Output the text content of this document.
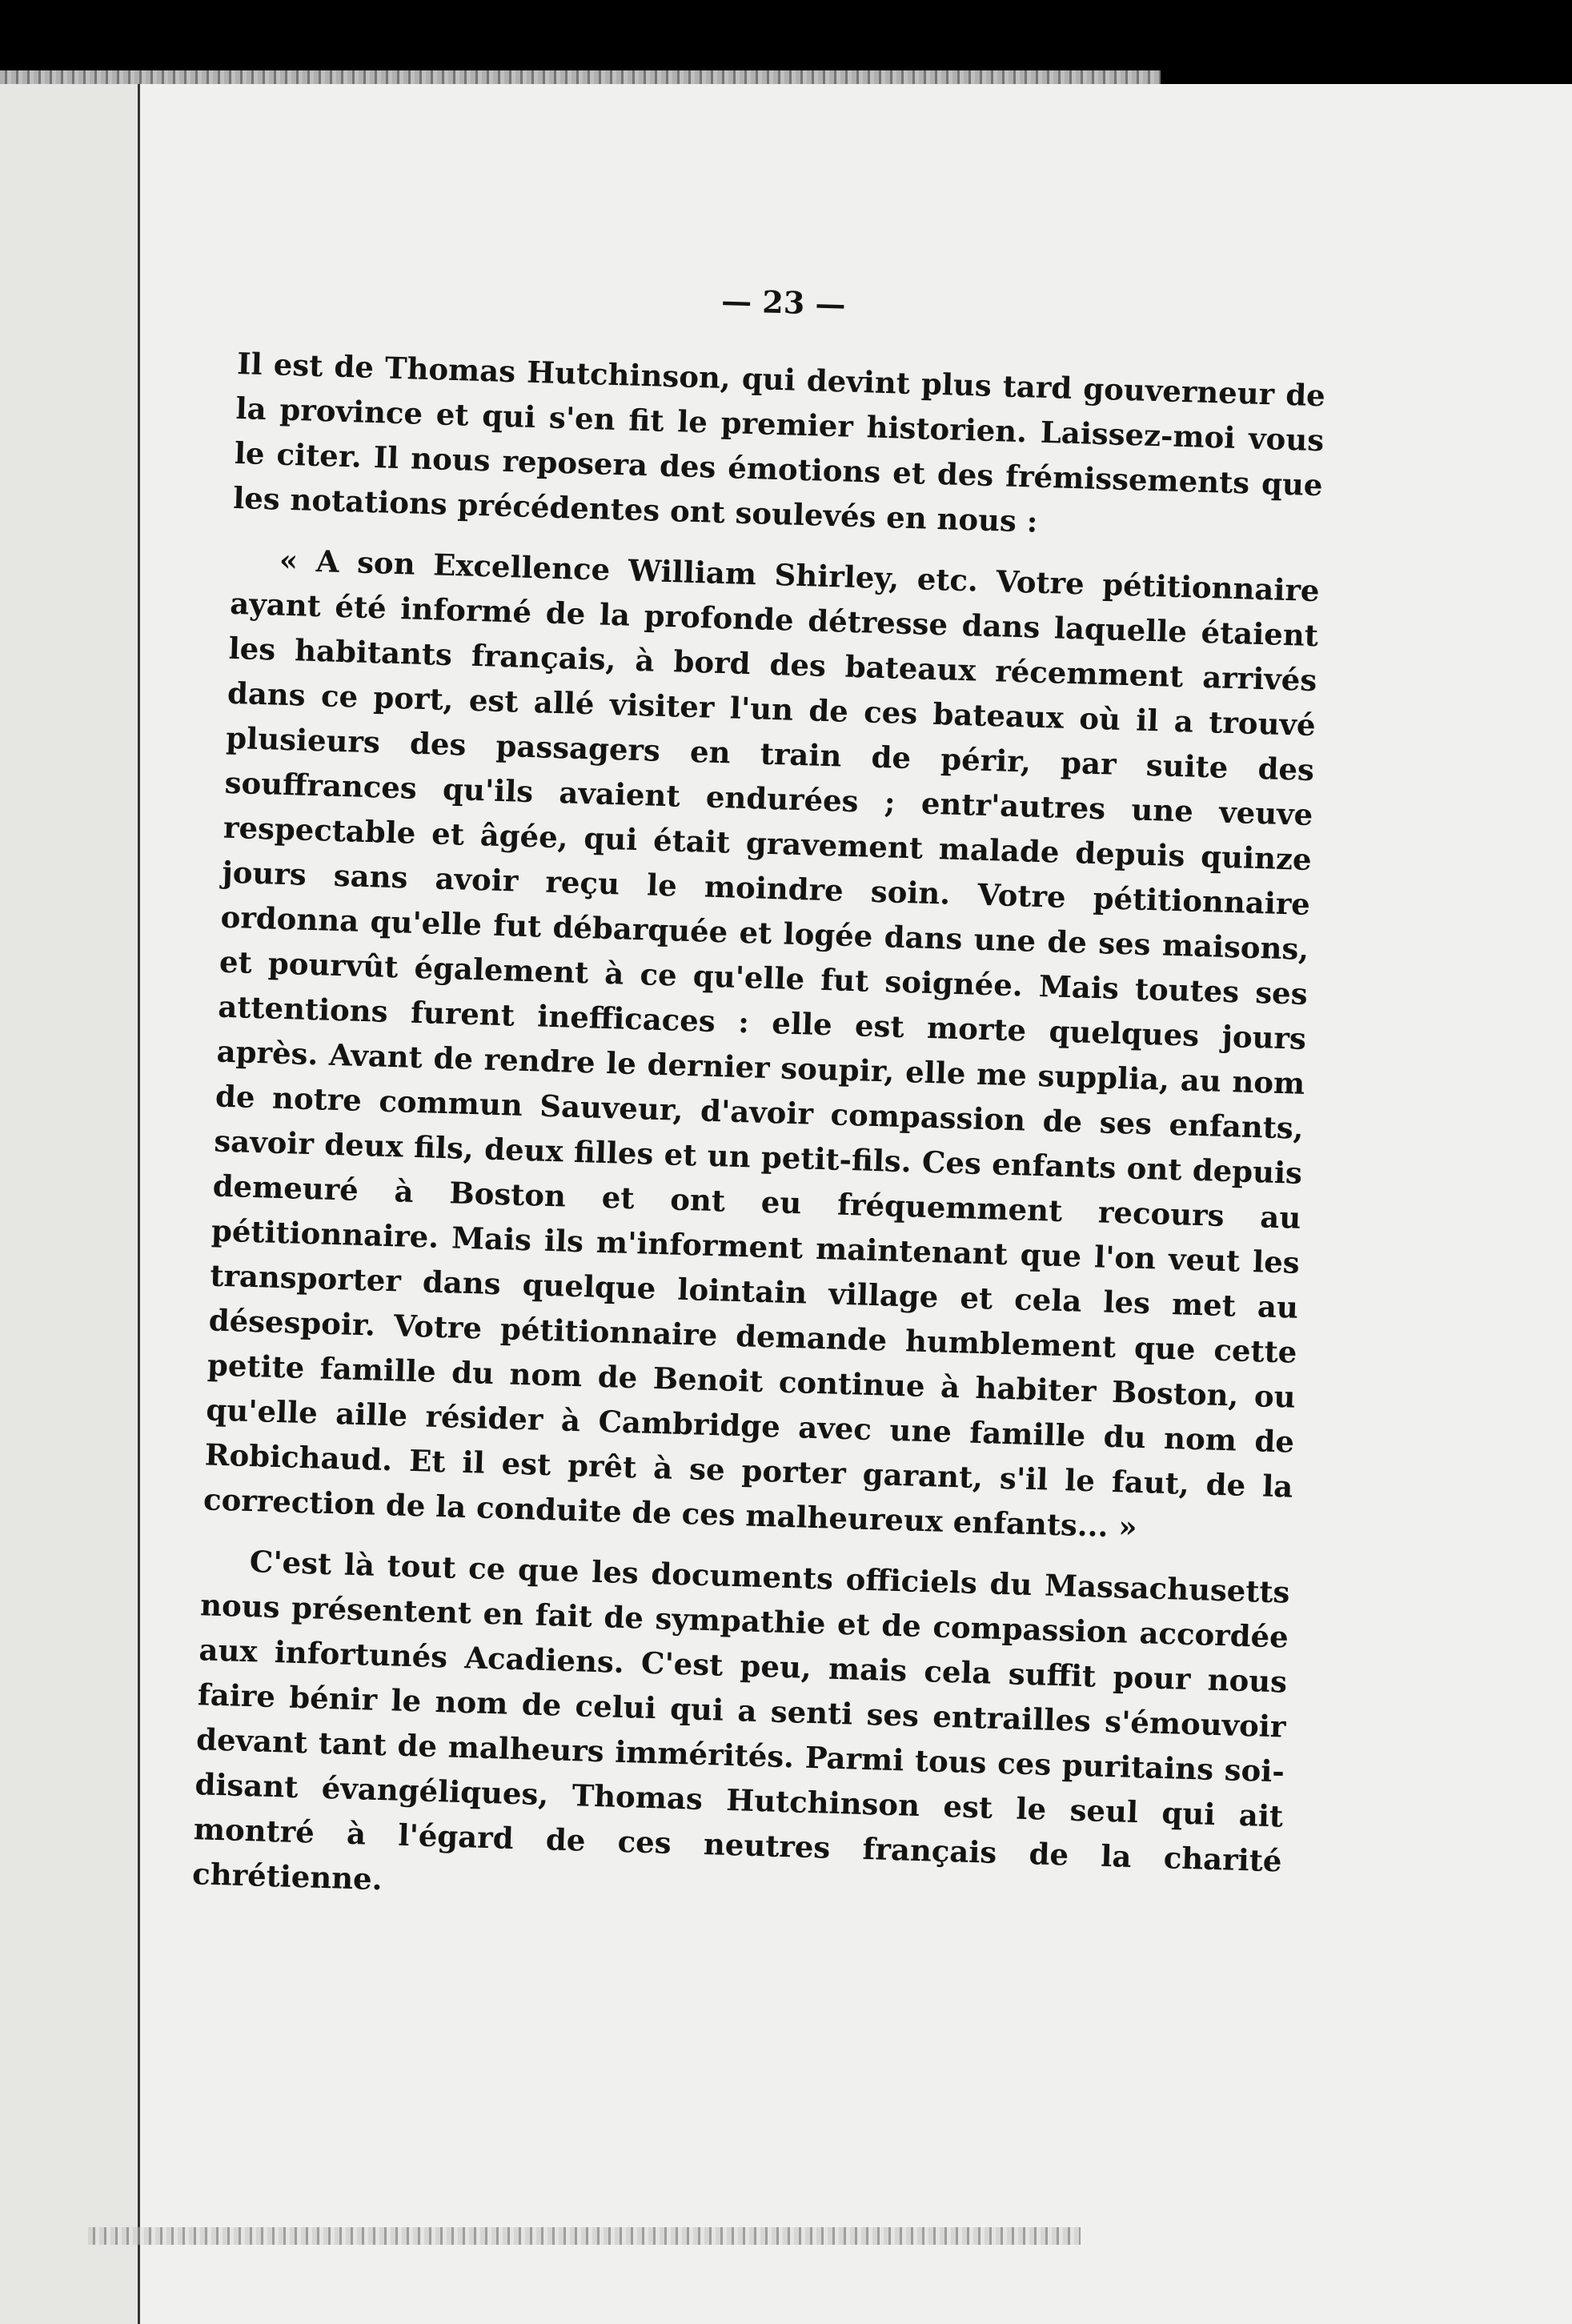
— 23 —

Il est de Thomas Hutchinson, qui devint plus tard gouverneur de la province et qui s'en fit le premier historien. Laissez-moi vous le citer. Il nous reposera des émotions et des frémissements que les notations précédentes ont soulevés en nous :

« A son Excellence William Shirley, etc. Votre pétitionnaire ayant été informé de la profonde détresse dans laquelle étaient les habitants français, à bord des bateaux récemment arrivés dans ce port, est allé visiter l'un de ces bateaux où il a trouvé plusieurs des passagers en train de périr, par suite des souffrances qu'ils avaient endurées ; entr'autres une veuve respectable et âgée, qui était gravement malade depuis quinze jours sans avoir reçu le moindre soin. Votre pétitionnaire ordonna qu'elle fut débarquée et logée dans une de ses maisons, et pourvût également à ce qu'elle fut soignée. Mais toutes ses attentions furent inefficaces : elle est morte quelques jours après. Avant de rendre le dernier soupir, elle me supplia, au nom de notre commun Sauveur, d'avoir compassion de ses enfants, savoir deux fils, deux filles et un petit-fils. Ces enfants ont depuis demeuré à Boston et ont eu fréquemment recours au pétitionnaire. Mais ils m'informent maintenant que l'on veut les transporter dans quelque lointain village et cela les met au désespoir. Votre pétitionnaire demande humblement que cette petite famille du nom de Benoit continue à habiter Boston, ou qu'elle aille résider à Cambridge avec une famille du nom de Robichaud. Et il est prêt à se porter garant, s'il le faut, de la correction de la conduite de ces malheureux enfants... »

C'est là tout ce que les documents officiels du Massachusetts nous présentent en fait de sympathie et de compassion accordée aux infortunés Acadiens. C'est peu, mais cela suffit pour nous faire bénir le nom de celui qui a senti ses entrailles s'émouvoir devant tant de malheurs immérités. Parmi tous ces puritains soi-disant évangéliques, Thomas Hutchinson est le seul qui ait montré à l'égard de ces neutres français de la charité chrétienne.
